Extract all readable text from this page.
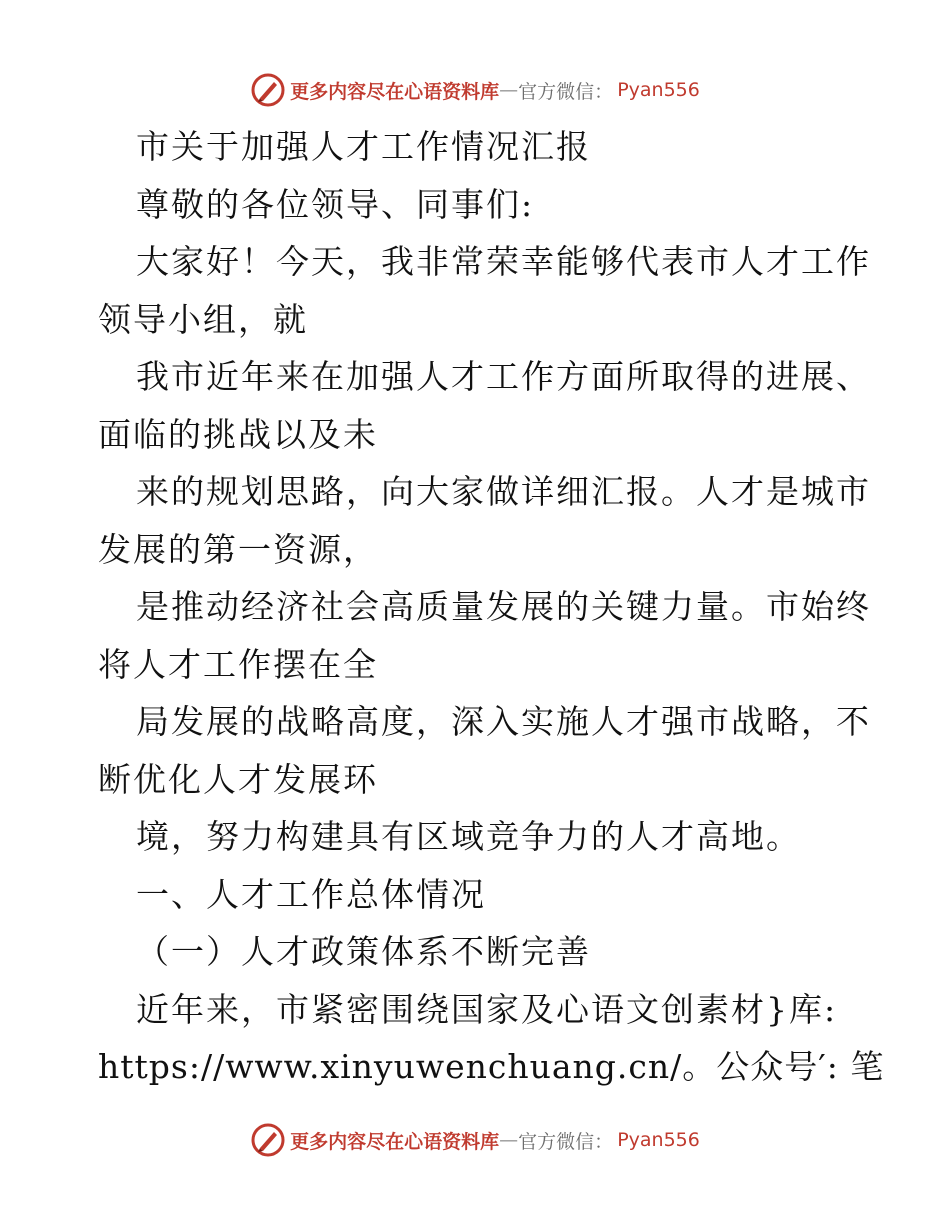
更多内容尽在心语资料库 — 官方微信： Pyan556
市关于加强人才工作情况汇报
尊敬的各位领导、同事们:
大家好！今天，我非常荣幸能够代表市人才工作
领导小组，就
我市近年来在加强人才工作方面所取得的进展、
面临的挑战以及未
来的规划思路，向大家做详细汇报。人才是城市
发展的第一资源，
是推动经济社会高质量发展的关键力量。市始终
将人才工作摆在全
局发展的战略高度，深入实施人才强市战略，不
断优化人才发展环
境，努力构建具有区域竞争力的人才高地。
一、人才工作总体情况
（一）人才政策体系不断完善
近年来，市紧密围绕国家及心语文创素材}库:
https://www.xinyuwenchuang.cn/。公众号′: 笔
更多内容尽在心语资料库 — 官方微信： Pyan556
